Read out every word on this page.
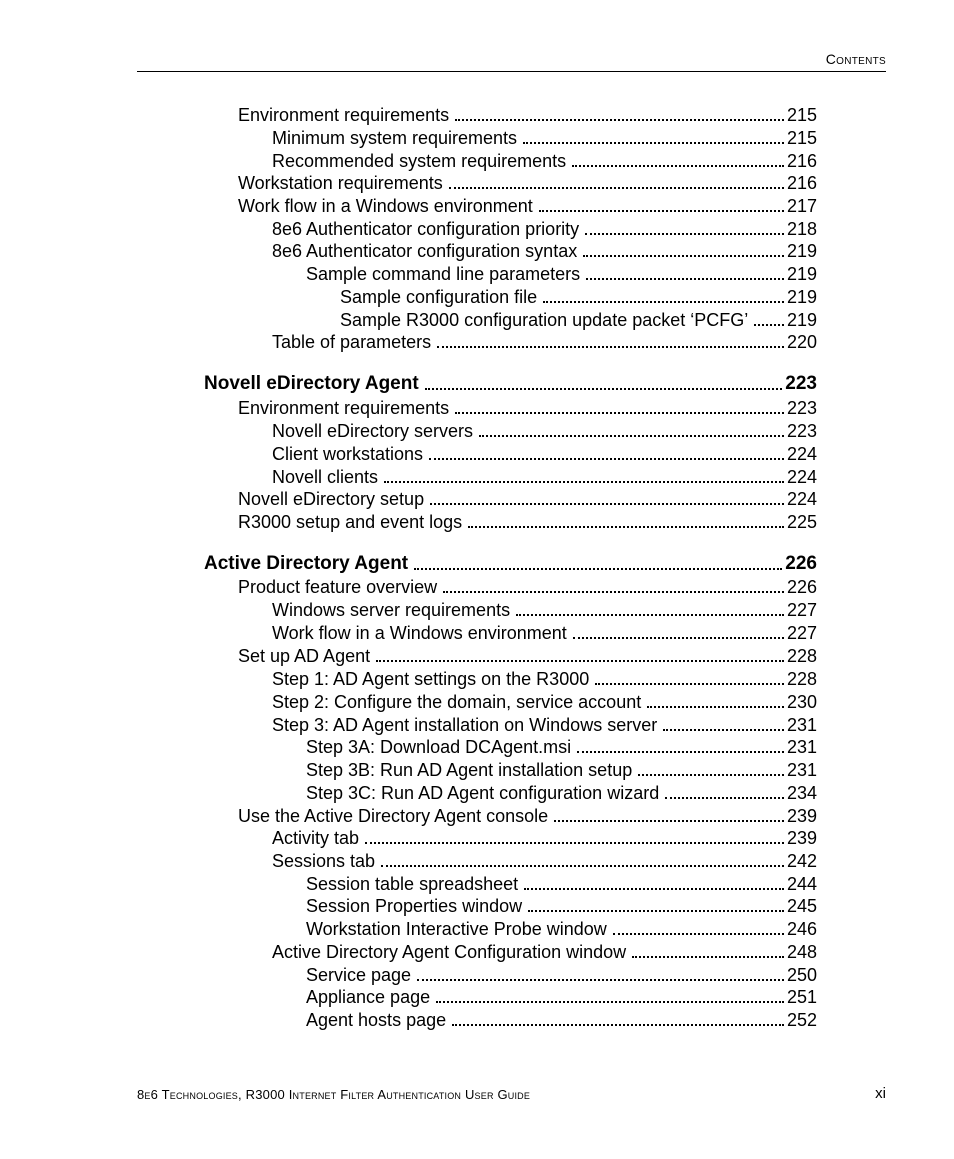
Contents
Environment requirements	215
Minimum system requirements	215
Recommended system requirements	216
Workstation requirements	216
Work flow in a Windows environment	217
8e6 Authenticator configuration priority	218
8e6 Authenticator configuration syntax	219
Sample command line parameters	219
Sample configuration file	219
Sample R3000 configuration update packet ‘PCFG’ 219
Table of parameters	220
Novell eDirectory Agent	223
Environment requirements	223
Novell eDirectory servers	223
Client workstations	224
Novell clients	224
Novell eDirectory setup	224
R3000 setup and event logs	225
Active Directory Agent	226
Product feature overview	226
Windows server requirements	227
Work flow in a Windows environment	227
Set up AD Agent	228
Step 1: AD Agent settings on the R3000	228
Step 2: Configure the domain, service account	230
Step 3: AD Agent installation on Windows server	231
Step 3A: Download DCAgent.msi	231
Step 3B: Run AD Agent installation setup	231
Step 3C: Run AD Agent configuration wizard	234
Use the Active Directory Agent console	239
Activity tab	239
Sessions tab	242
Session table spreadsheet	244
Session Properties window	245
Workstation Interactive Probe window	246
Active Directory Agent Configuration window	248
Service page	250
Appliance page	251
Agent hosts page	252
8e6 Technologies, R3000 Internet Filter Authentication User Guide	xi
